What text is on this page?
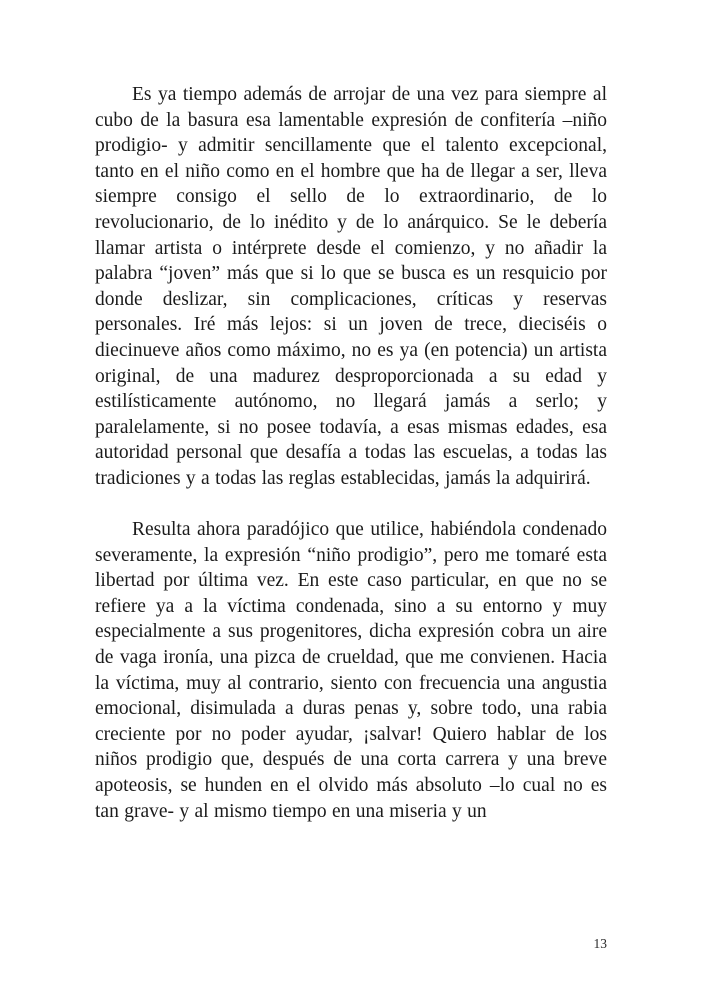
Es ya tiempo además de arrojar de una vez para siempre al cubo de la basura esa lamentable expresión de confitería –niño prodigio- y admitir sencillamente que el talento excepcional, tanto en el niño como en el hombre que ha de llegar a ser, lleva siempre consigo el sello de lo extraordinario, de lo revolucionario, de lo inédito y de lo anárquico. Se le debería llamar artista o intérprete desde el comienzo, y no añadir la palabra “joven” más que si lo que se busca es un resquicio por donde deslizar, sin complicaciones, críticas y reservas personales. Iré más lejos: si un joven de trece, dieciséis o diecinueve años como máximo, no es ya (en potencia) un artista original, de una madurez desproporcionada a su edad y estilísticamente autónomo, no llegará jamás a serlo; y paralelamente, si no posee todavía, a esas mismas edades, esa autoridad personal que desafía a todas las escuelas, a todas las tradiciones y a todas las reglas establecidas, jamás la adquirirá.

Resulta ahora paradójico que utilice, habiéndola condenado severamente, la expresión “niño prodigio”, pero me tomaré esta libertad por última vez. En este caso particular, en que no se refiere ya a la víctima condenada, sino a su entorno y muy especialmente a sus progenitores, dicha expresión cobra un aire de vaga ironía, una pizca de crueldad, que me convienen. Hacia la víctima, muy al contrario, siento con frecuencia una angustia emocional, disimulada a duras penas y, sobre todo, una rabia creciente por no poder ayudar, ¡salvar! Quiero hablar de los niños prodigio que, después de una corta carrera y una breve apoteosis, se hunden en el olvido más absoluto –lo cual no es tan grave- y al mismo tiempo en una miseria y un

13
